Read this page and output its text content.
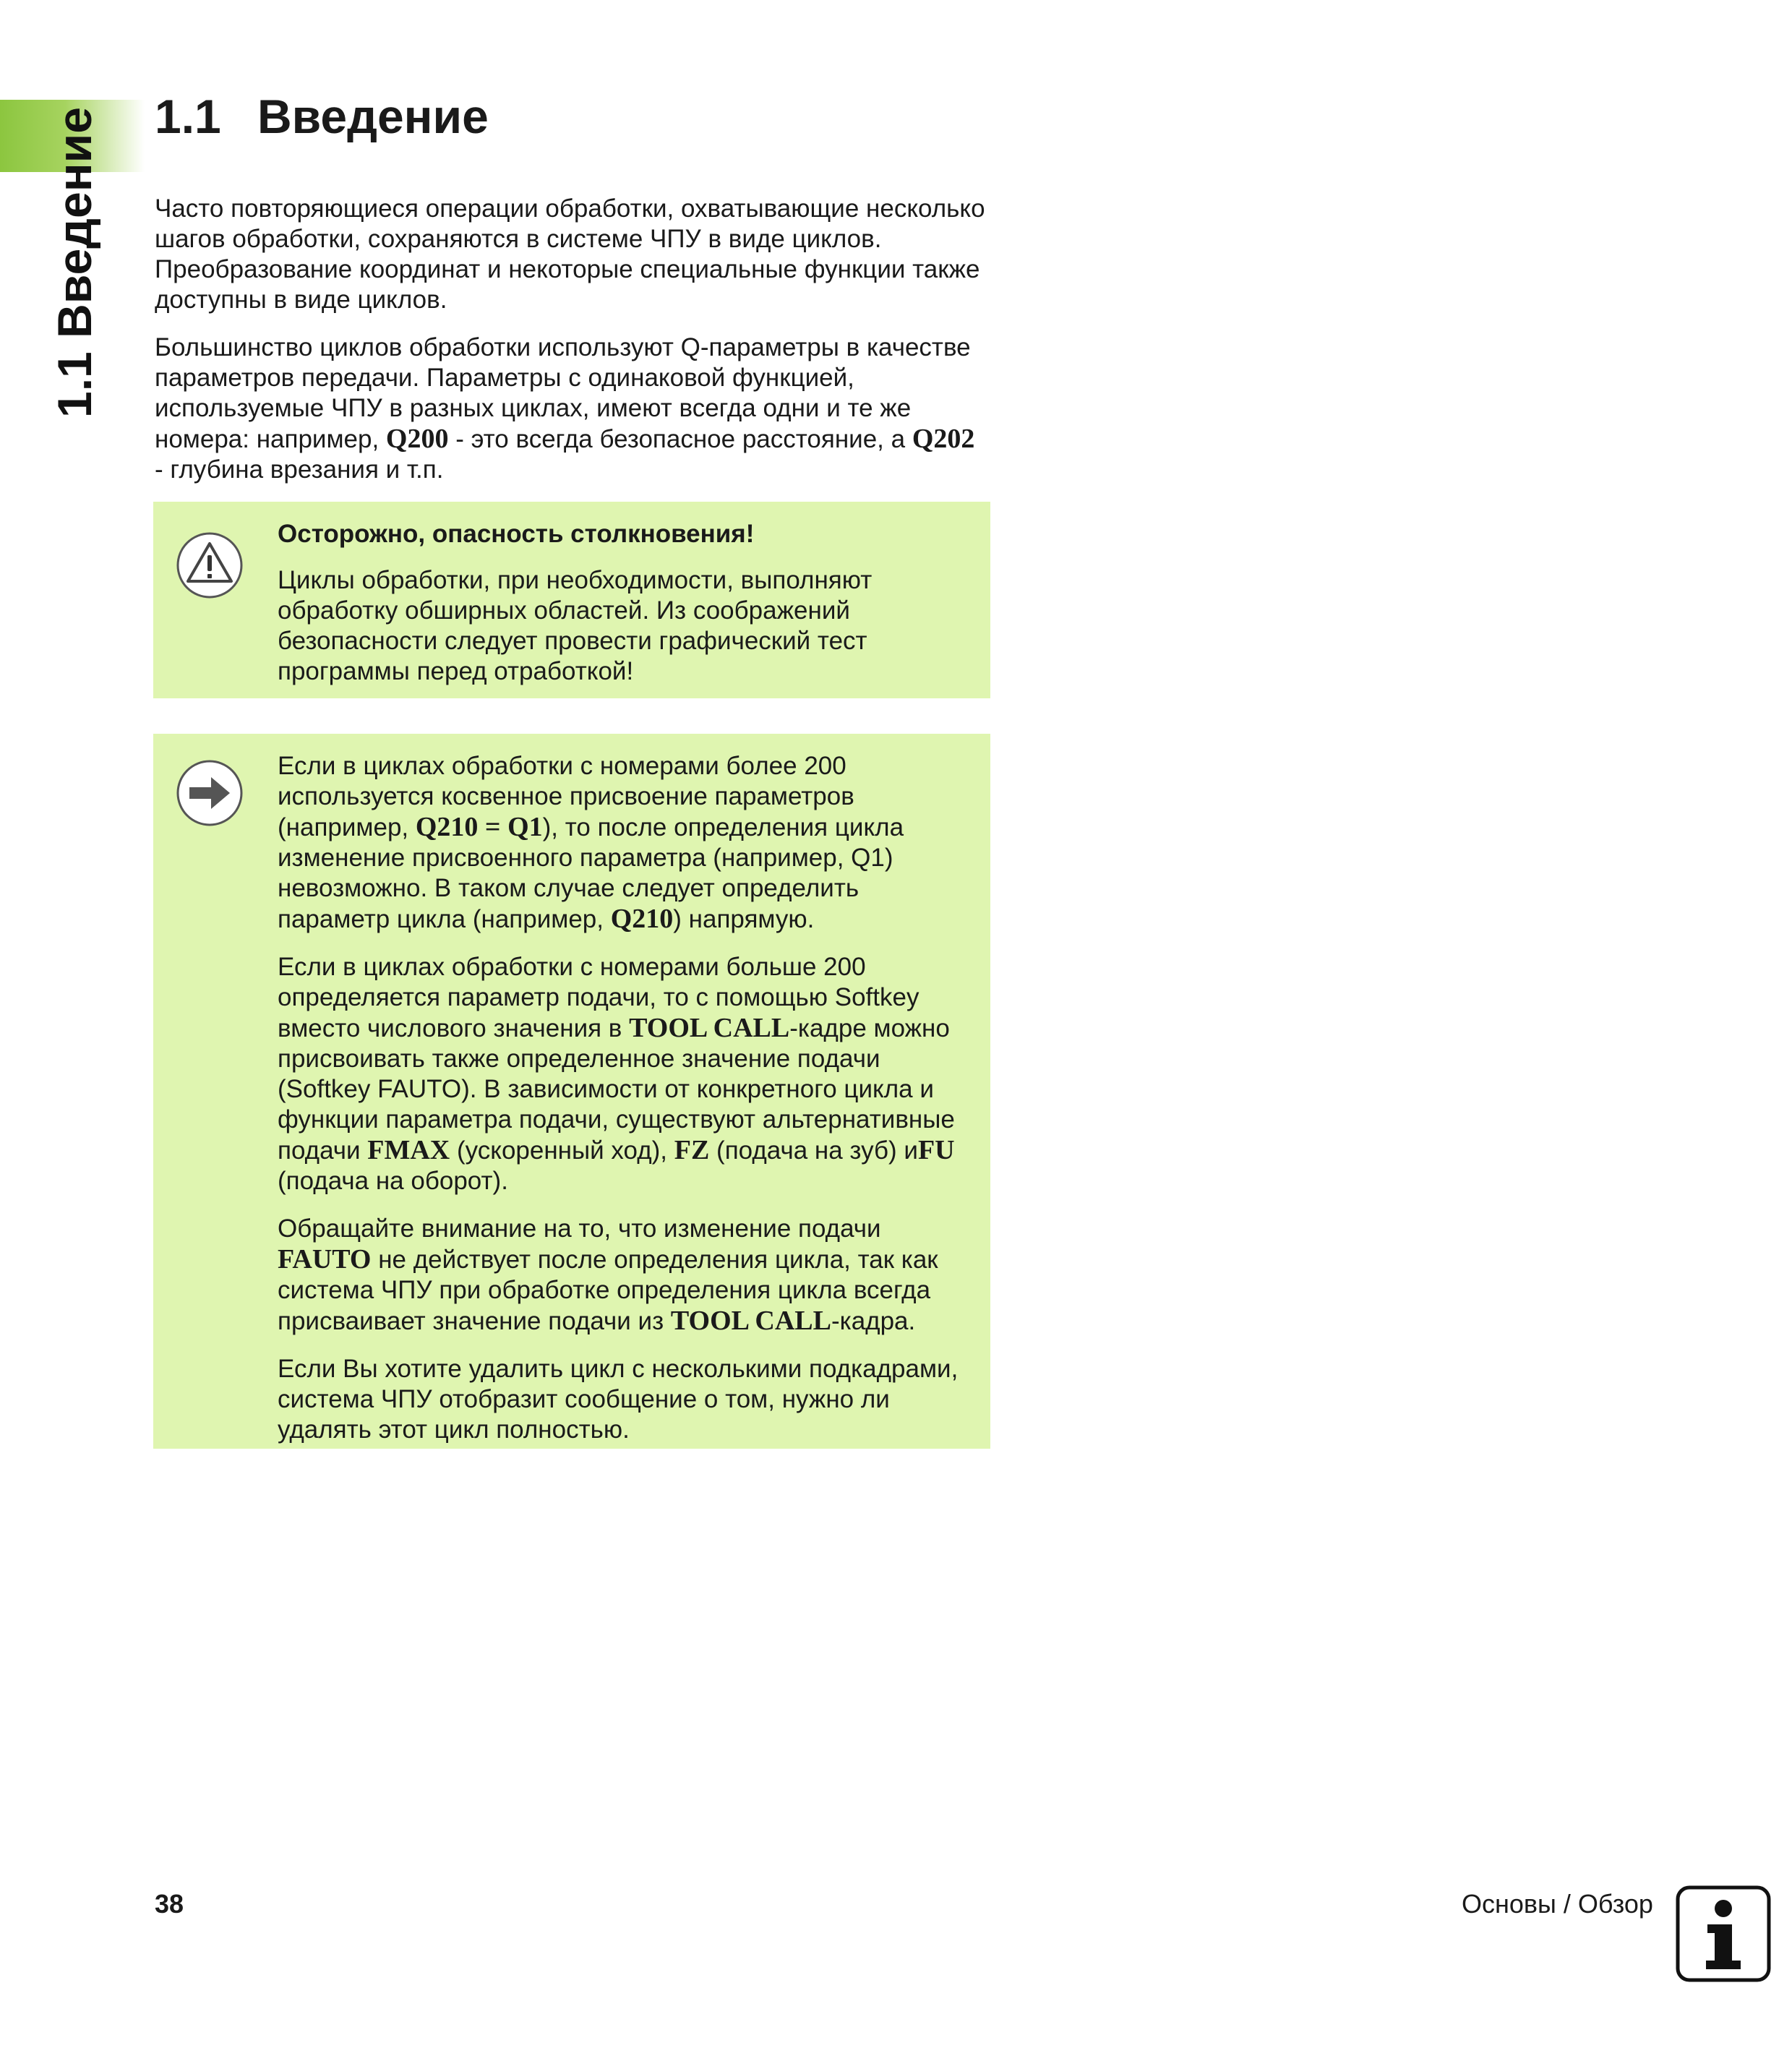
1.1 Введение 1.1 Введение

Часто повторяющиеся операции обработки, охватывающие несколько шагов обработки, сохраняются в системе ЧПУ в виде циклов. Преобразование координат и некоторые специальные функции также доступны в виде циклов.

Большинство циклов обработки используют Q-параметры в качестве параметров передачи. Параметры с одинаковой функцией, используемые ЧПУ в разных циклах, имеют всегда одни и те же номера: например, Q200 - это всегда безопасное расстояние, а Q202 - глубина врезания и т.п.

Осторожно, опасность столкновения!

Циклы обработки, при необходимости, выполняют обработку обширных областей. Из соображений безопасности следует провести графический тест программы перед отработкой!

Если в циклах обработки с номерами более 200 используется косвенное присвоение параметров (например, Q210 = Q1), то после определения цикла изменение присвоенного параметра (например, Q1) невозможно. В таком случае следует определить параметр цикла (например, Q210) напрямую.

Если в циклах обработки с номерами больше 200 определяется параметр подачи, то с помощью Softkey вместо числового значения в TOOL CALL-кадре можно присвоивать также определенное значение подачи (Softkey FAUTO). В зависимости от конкретного цикла и функции параметра подачи, существуют альтернативные подачи FMAX (ускоренный ход), FZ (подача на зуб) иFU (подача на оборот).

Обращайте внимание на то, что изменение подачи FAUTO не действует после определения цикла, так как система ЧПУ при обработке определения цикла всегда присваивает значение подачи из TOOL CALL-кадра.

Если Вы хотите удалить цикл с несколькими подкадрами, система ЧПУ отобразит сообщение о том, нужно ли удалять этот цикл полностью.

38	Основы / Обзор
